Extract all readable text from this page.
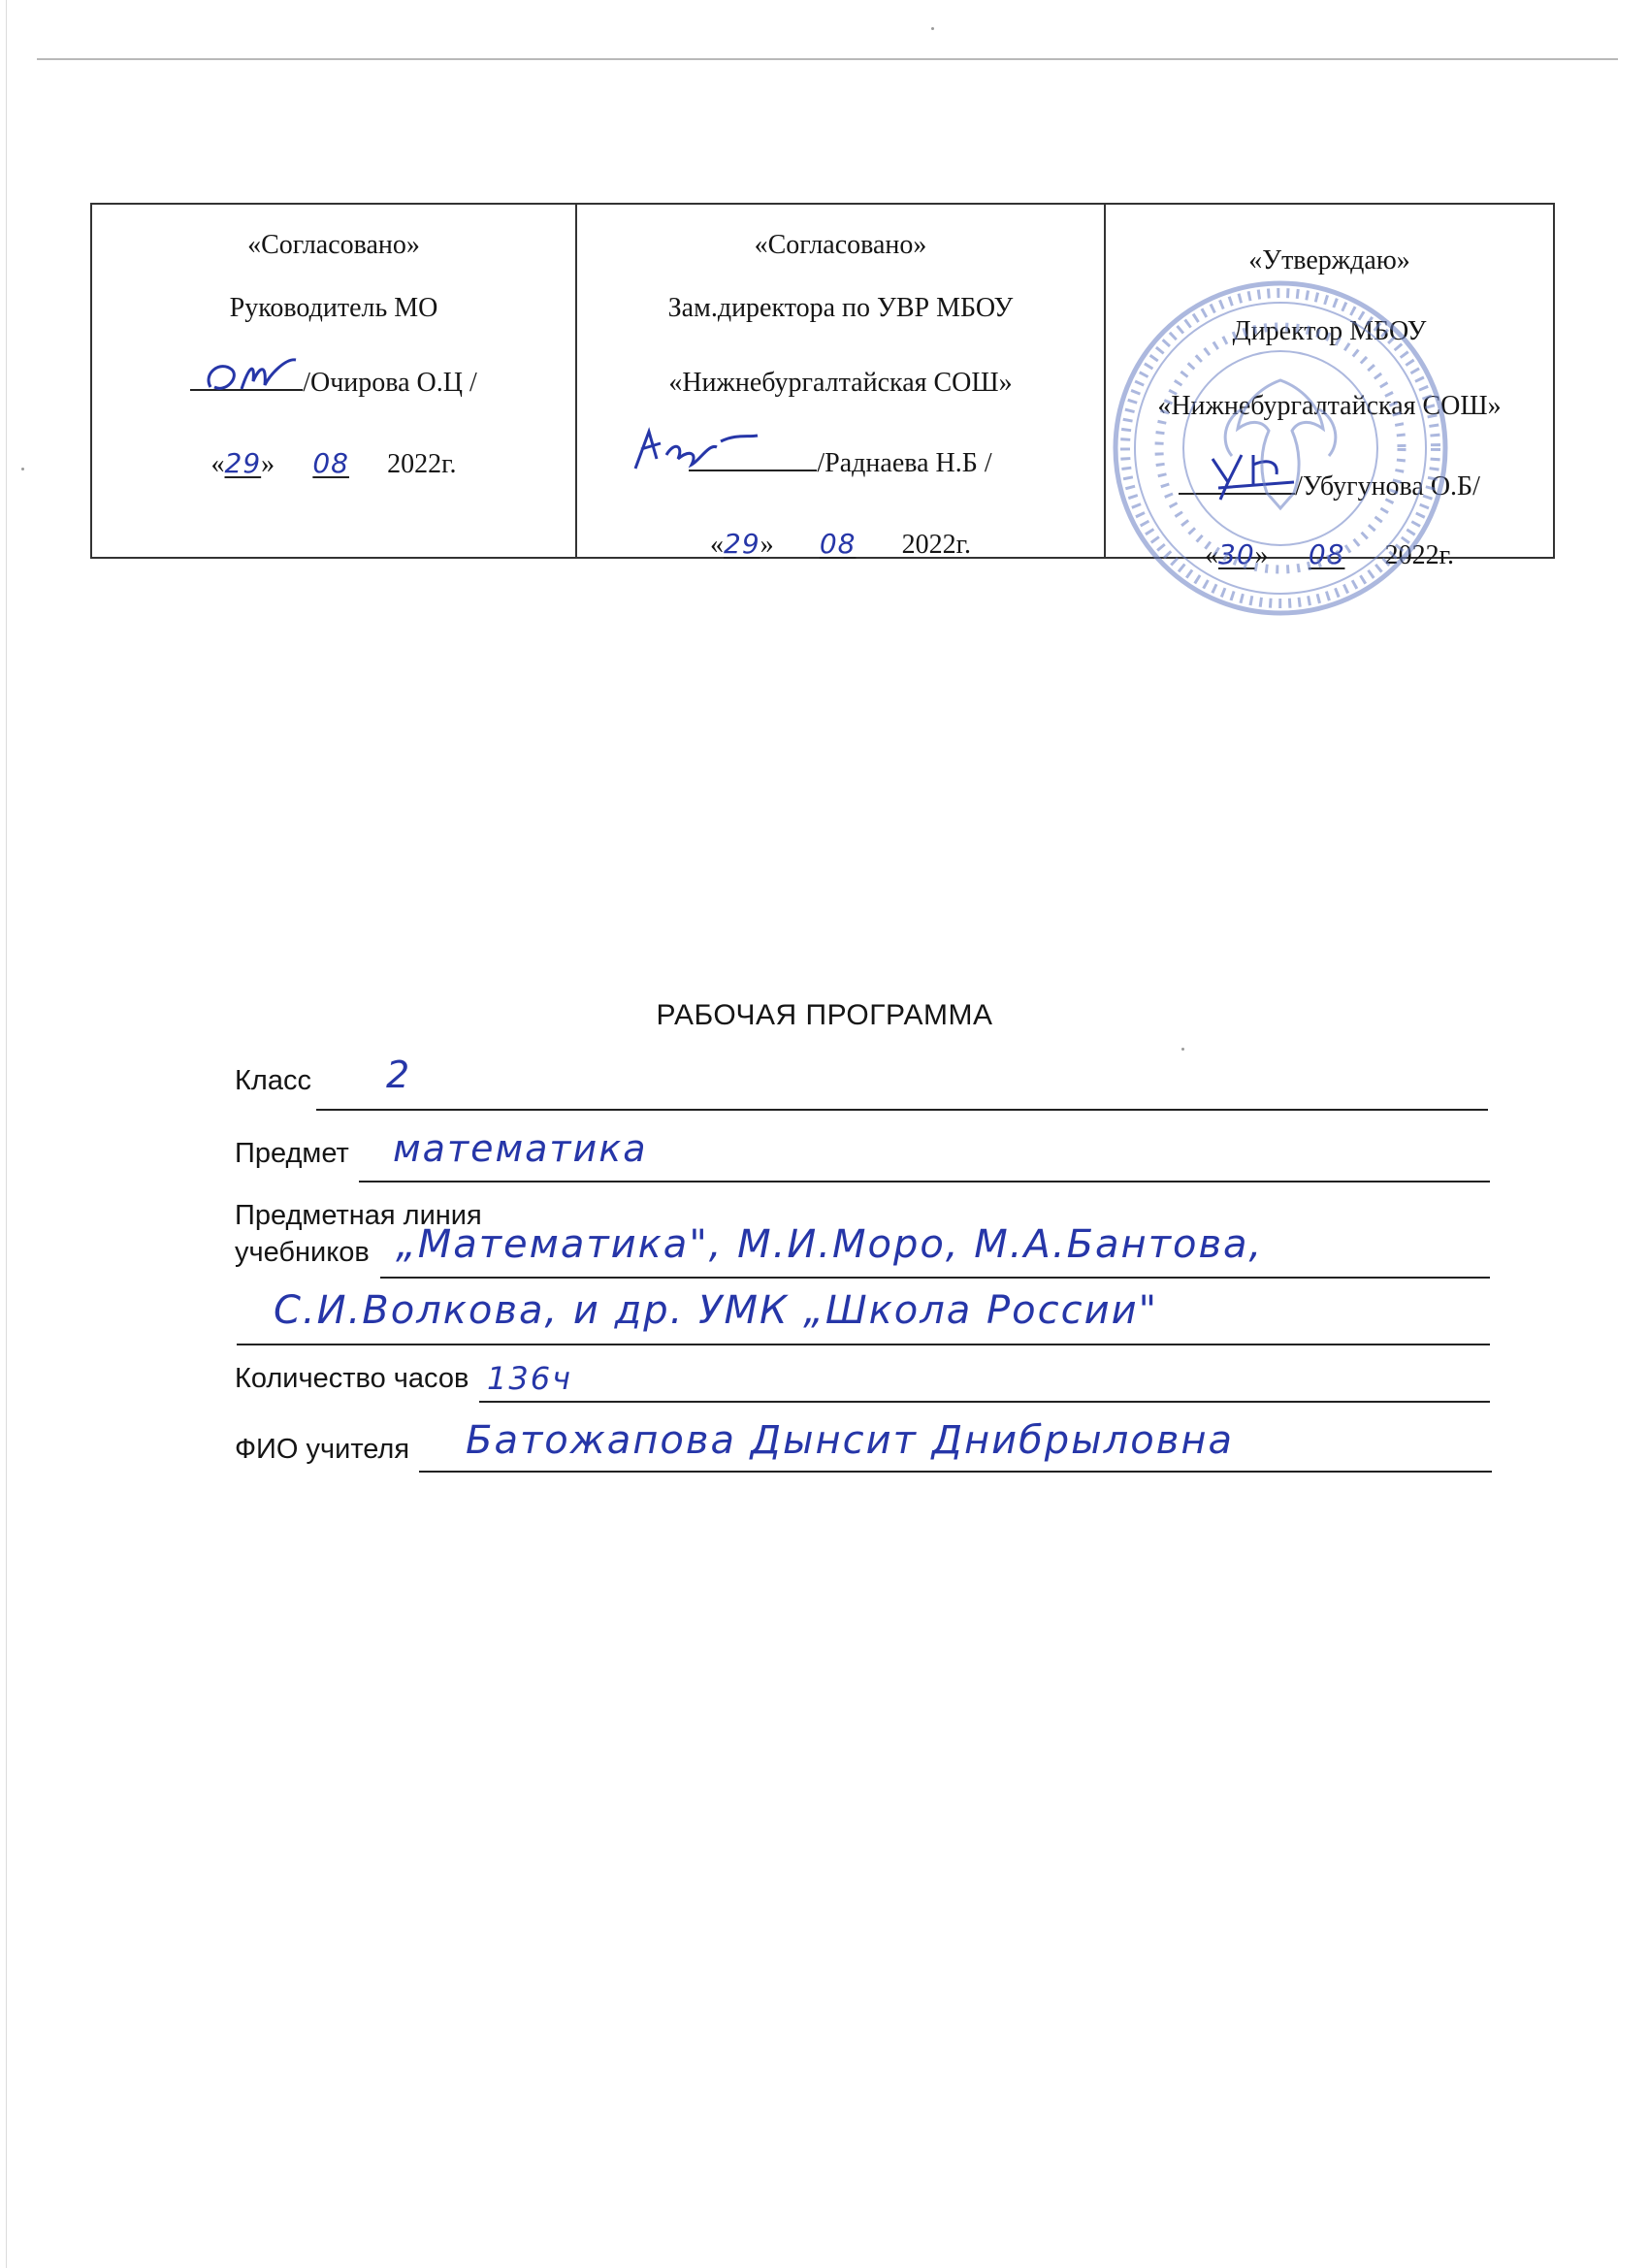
«Согласовано»
Руководитель МО
/Очирова О.Ц /
«29» 08 2022г.
«Согласовано»
Зам.директора по УВР МБОУ
«Нижнебургалтайская СОШ»
/Раднаева Н.Б /
«29» 08 2022г.
«Утверждаю»
Директор МБОУ
«Нижнебургалтайская СОШ»
/Убугунова О.Б/
«30» 08 2022г.
РАБОЧАЯ ПРОГРАММА
Класс 2
Предмет математика
Предметная линия
учебников „Математика", М.И.Моро, М.А.Бантова,
С.И.Волкова, и др. УМК „Школа России"
Количество часов 136ч
ФИО учителя Батожапова Дынсит Днибрыловна
